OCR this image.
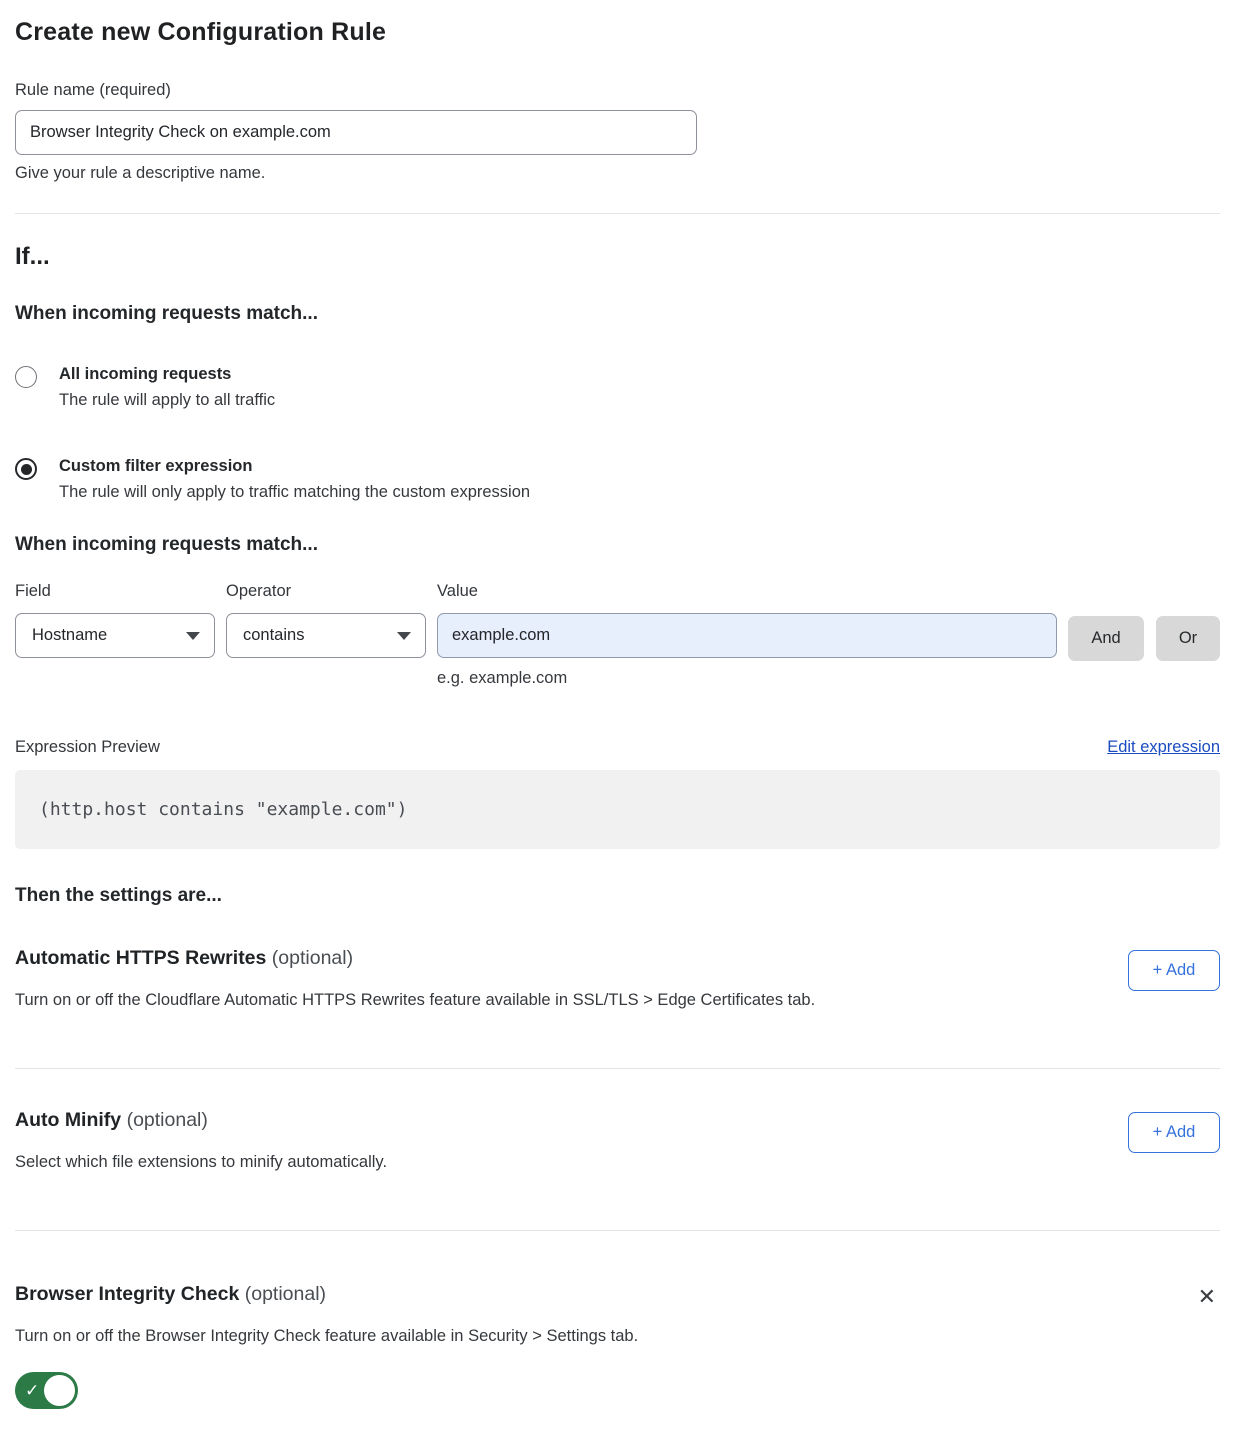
Create new Configuration Rule
Rule name (required)
Browser Integrity Check on example.com
Give your rule a descriptive name.
If...
When incoming requests match...
All incoming requests
The rule will apply to all traffic
Custom filter expression
The rule will only apply to traffic matching the custom expression
When incoming requests match...
Field
Hostname
Operator
contains
Value
example.com
e.g. example.com
And	Or
Expression Preview	Edit expression
(http.host contains "example.com")
Then the settings are...
Automatic HTTPS Rewrites (optional)
Turn on or off the Cloudflare Automatic HTTPS Rewrites feature available in SSL/TLS > Edge Certificates tab.
+ Add
Auto Minify (optional)
Select which file extensions to minify automatically.
+ Add
Browser Integrity Check (optional)
Turn on or off the Browser Integrity Check feature available in Security > Settings tab.
✓
✕
